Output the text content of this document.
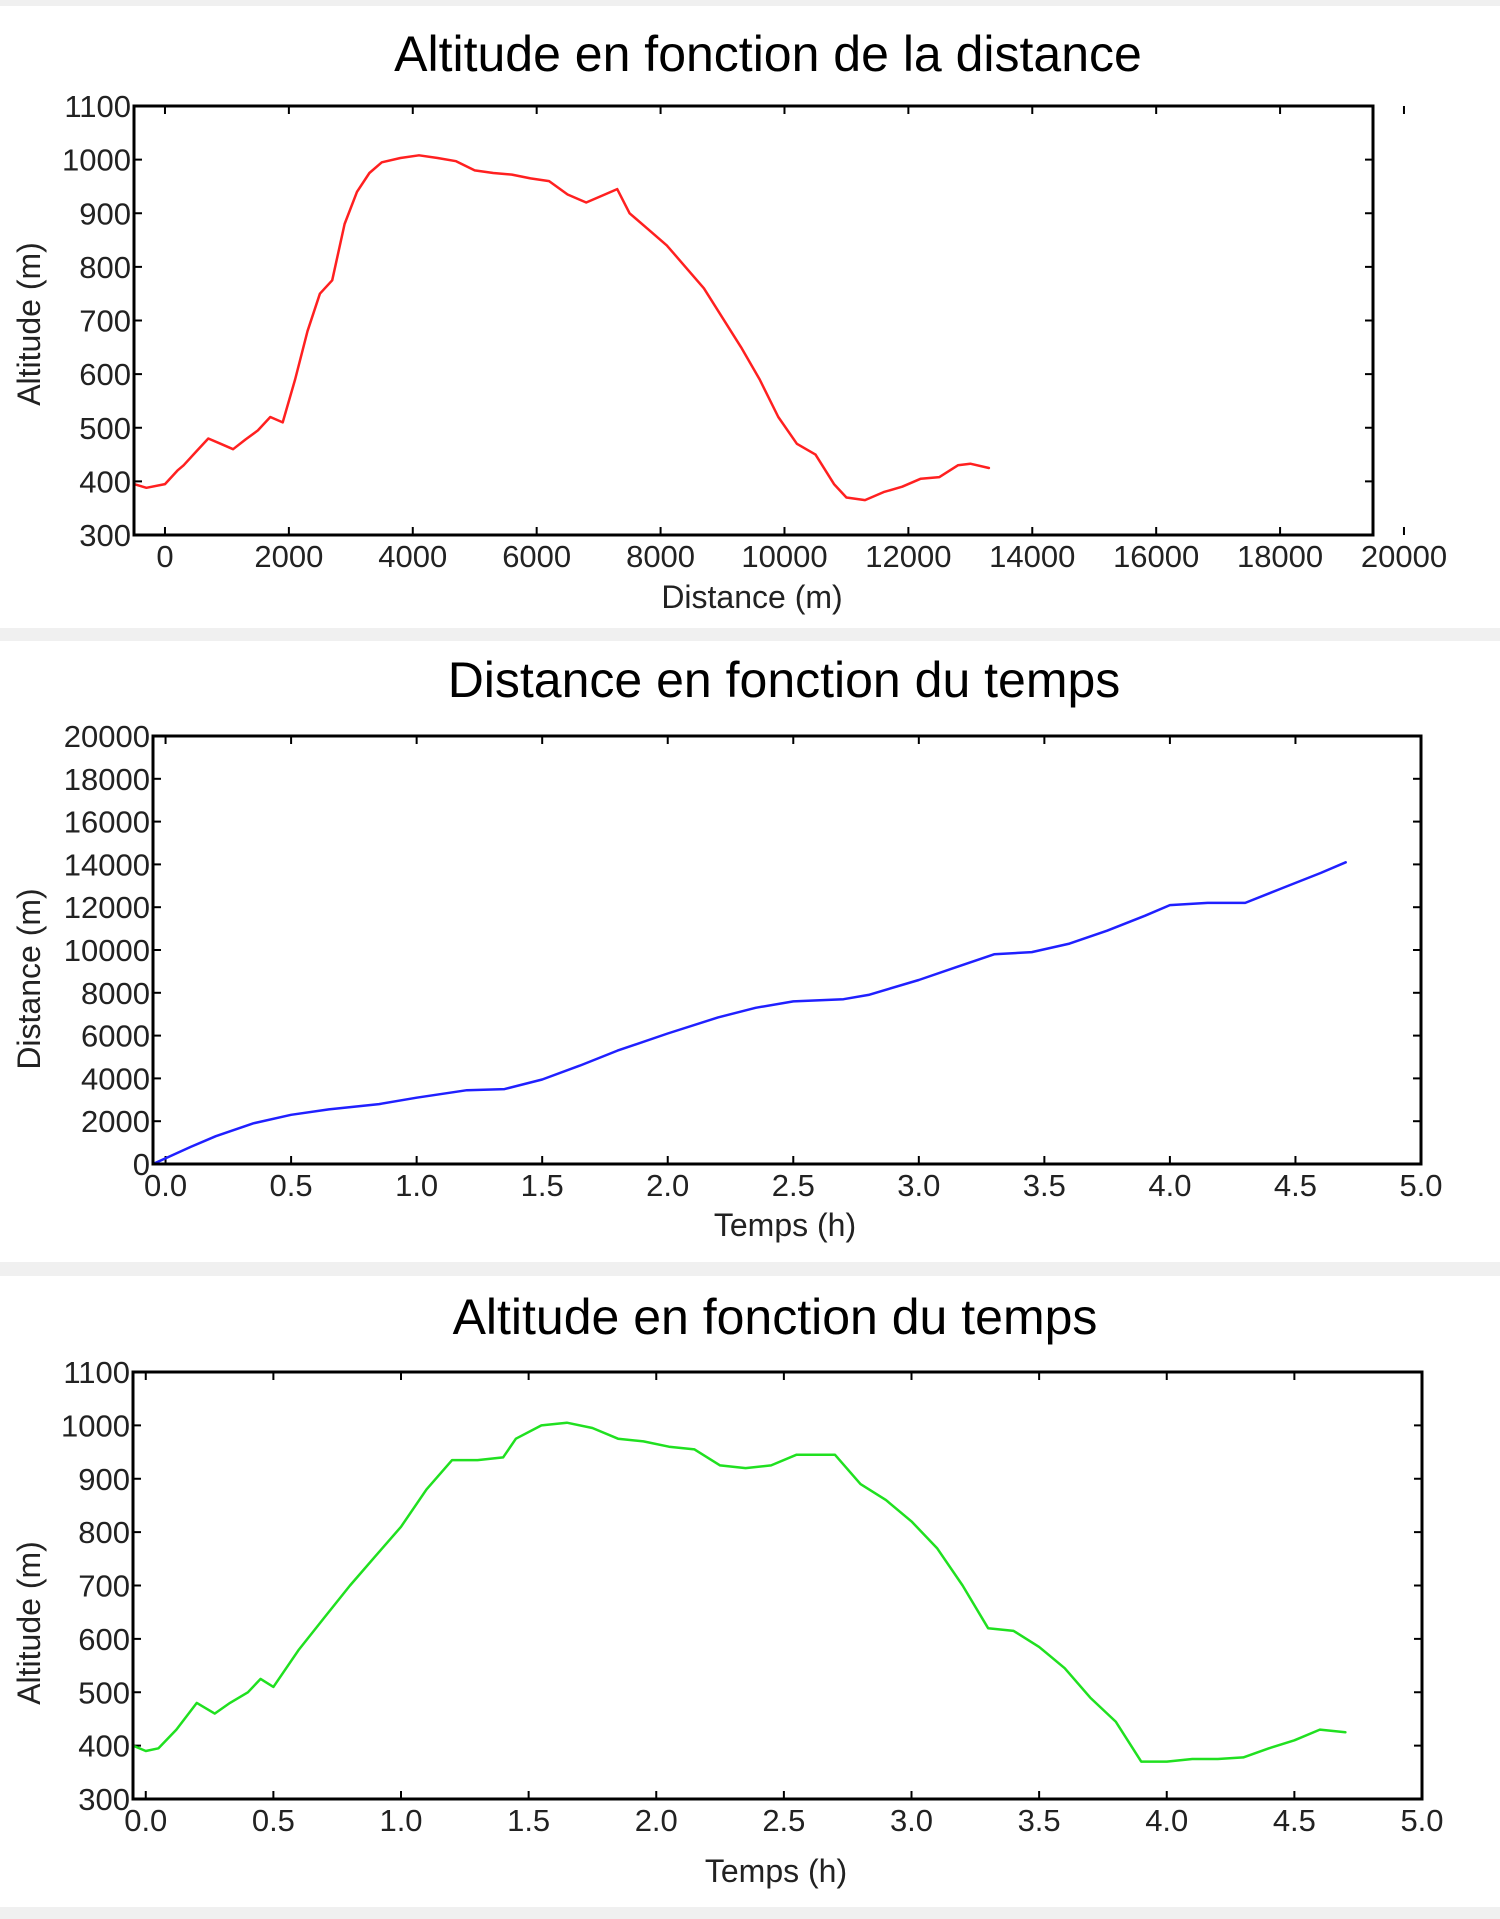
Altitude en fonction de la distance
Distance (m)
Altitude (m)
0	2000 4000 6000 8000 10000 12000 14000 16000 18000 20000
300
400
500
600
700
800
900
1000
1100
Distance en fonction du temps
Temps (h)
Distance (m)
0.0	0.5	1.0	1.5	2.0	2.5	3.0	3.5	4.0	4.5	5.0
0
2000
4000
6000
8000
10000
12000
14000
16000
18000
20000
Altitude en fonction du temps
Temps (h)
Altitude (m)
0.0	0.5	1.0	1.5	2.0	2.5	3.0	3.5	4.0	4.5	5.0
300
400
500
600
700
800
900
1000
1100
